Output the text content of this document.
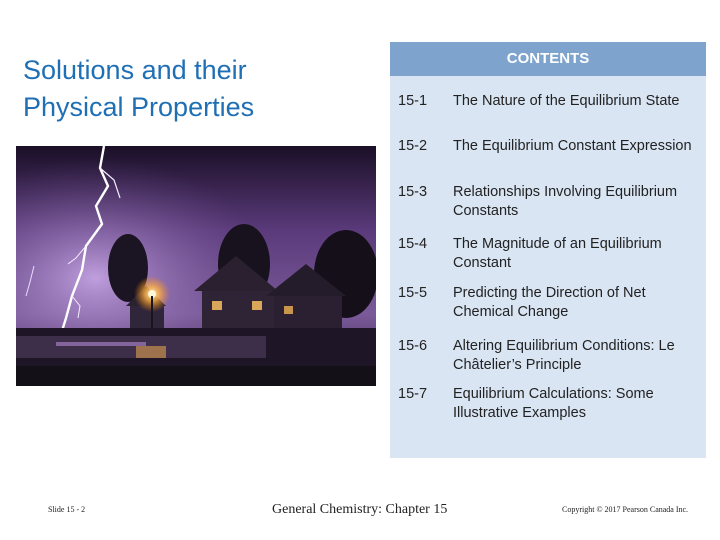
Solutions and their
Physical Properties
CONTENTS
15-1 The Nature of the Equilibrium State
15-2 The Equilibrium Constant Expression
15-3 Relationships Involving Equilibrium Constants
15-4 The Magnitude of an Equilibrium Constant
15-5 Predicting the Direction of Net Chemical Change
15-6 Altering Equilibrium Conditions: Le Châtelier’s Principle
15-7 Equilibrium Calculations: Some Illustrative Examples
Slide 15 - 2	General Chemistry: Chapter 15	Copyright © 2017 Pearson Canada Inc.
